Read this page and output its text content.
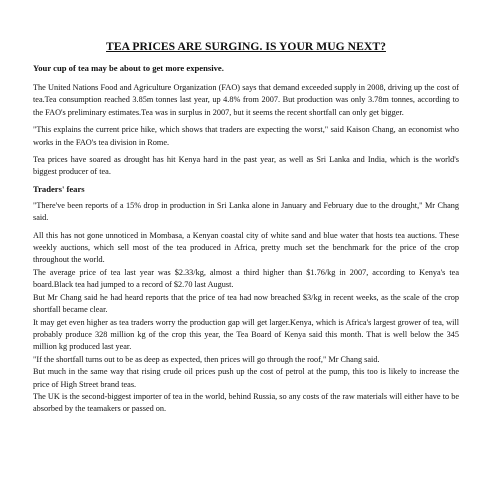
TEA PRICES ARE SURGING. IS YOUR MUG NEXT?
Your cup of tea may be about to get more expensive.

The United Nations Food and Agriculture Organization (FAO) says that demand exceeded supply in 2008, driving up the cost of tea.Tea consumption reached 3.85m tonnes last year, up 4.8% from 2007. But production was only 3.78m tonnes, according to the FAO's preliminary estimates.Tea was in surplus in 2007, but it seems the recent shortfall can only get bigger.

"This explains the current price hike, which shows that traders are expecting the worst," said Kaison Chang, an economist who works in the FAO's tea division in Rome.

Tea prices have soared as drought has hit Kenya hard in the past year, as well as Sri Lanka and India, which is the world's biggest producer of tea.

Traders' fears

"There've been reports of a 15% drop in production in Sri Lanka alone in January and February due to the drought," Mr Chang said.

All this has not gone unnoticed in Mombasa, a Kenyan coastal city of white sand and blue water that hosts tea auctions. These weekly auctions, which sell most of the tea produced in Africa, pretty much set the benchmark for the price of the crop throughout the world.

The average price of tea last year was $2.33/kg, almost a third higher than $1.76/kg in 2007, according to Kenya's tea board.Black tea had jumped to a record of $2.70 last August.

But Mr Chang said he had heard reports that the price of tea had now breached $3/kg in recent weeks, as the scale of the crop shortfall became clear.

It may get even higher as tea traders worry the production gap will get larger.Kenya, which is Africa's largest grower of tea, will probably produce 328 million kg of the crop this year, the Tea Board of Kenya said this month. That is well below the 345 million kg produced last year.

"If the shortfall turns out to be as deep as expected, then prices will go through the roof," Mr Chang said.

But much in the same way that rising crude oil prices push up the cost of petrol at the pump, this too is likely to increase the price of High Street brand teas.

The UK is the second-biggest importer of tea in the world, behind Russia, so any costs of the raw materials will either have to be absorbed by the teamakers or passed on.
